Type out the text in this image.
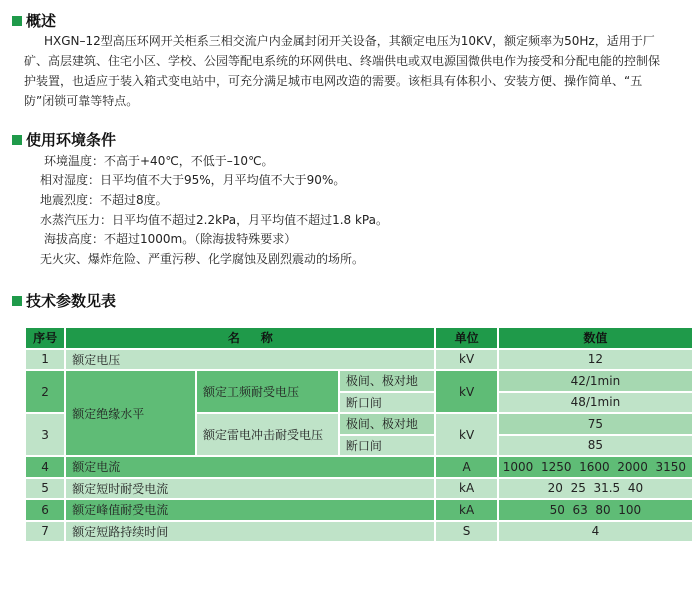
概述
HXGN–12型高压环网开关柜系三相交流户内金属封闭开关设备，其额定电压为10KV，额定频率为50Hz，适用于厂
矿、高层建筑、住宅小区、学校、公园等配电系统的环网供电、终端供电或双电源国微供电作为接受和分配电能的控制保
护装置，也适应于装入箱式变电站中，可充分满足城市电网改造的需要。该柜具有体积小、安装方便、操作简单、“五
防”闭锁可靠等特点。
使用环境条件
环境温度：不高于+40℃，不低于–10℃。
相对湿度：日平均值不大于95%，月平均值不大于90%。
地震烈度：不超过8度。
水蒸汽压力：日平均值不超过2.2kPa，月平均值不超过1.8 kPa。
海拔高度：不超过1000m。（除海拔特殊要求）
无火灾、爆炸危险、严重污秽、化学腐蚀及剧烈震动的场所。
技术参数见表
序号	名     称			单位	数值
1	额定电压			kV	12
2	额定绝缘水平	额定工频耐受电压	极间、极对地	kV	42/1min
			断口间		48/1min
3		额定雷电冲击耐受电压	极间、极对地	kV	75
			断口间		85
4	额定电流			A	1000  1250  1600  2000  3150
5	额定短时耐受电流			kA	20  25  31.5  40
6	额定峰值耐受电流			kA	50  63  80  100
7	额定短路持续时间			S	4
